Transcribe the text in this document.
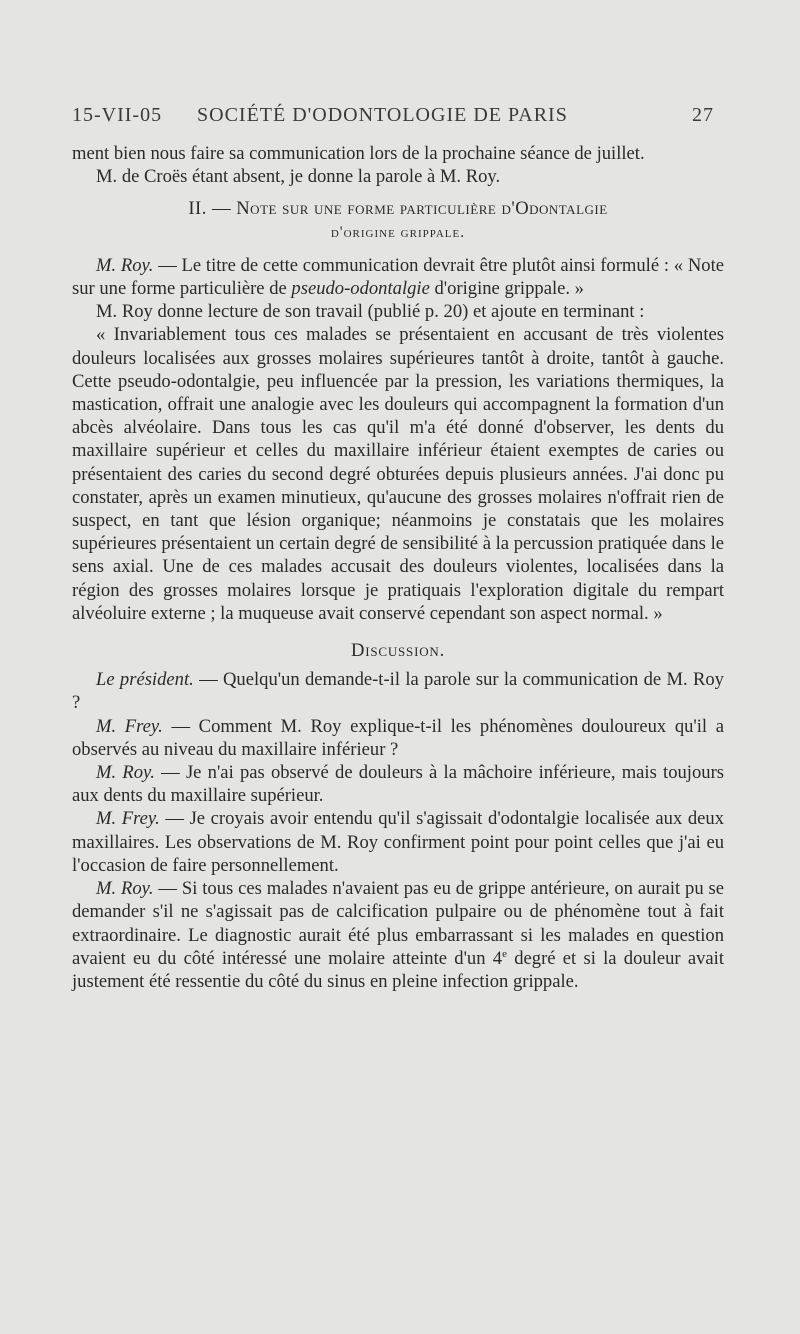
15-VII-05 SOCIÉTÉ D'ODONTOLOGIE DE PARIS	27

ment bien nous faire sa communication lors de la prochaine séance de juillet.

M. de Croës étant absent, je donne la parole à M. Roy.

II. — Note sur une forme particulière d'Odontalgie
d'origine grippale.

M. Roy. — Le titre de cette communication devrait être plutôt ainsi formulé : « Note sur une forme particulière de pseudo-odontalgie d'origine grippale. »

M. Roy donne lecture de son travail (publié p. 20) et ajoute en terminant :

« Invariablement tous ces malades se présentaient en accusant de très violentes douleurs localisées aux grosses molaires supérieures tantôt à droite, tantôt à gauche. Cette pseudo-odontalgie, peu influencée par la pression, les variations thermiques, la mastication, offrait une analogie avec les douleurs qui accompagnent la formation d'un abcès alvéolaire. Dans tous les cas qu'il m'a été donné d'observer, les dents du maxillaire supérieur et celles du maxillaire inférieur étaient exemptes de caries ou présentaient des caries du second degré obturées depuis plusieurs années. J'ai donc pu constater, après un examen minutieux, qu'aucune des grosses molaires n'offrait rien de suspect, en tant que lésion organique; néanmoins je constatais que les molaires supérieures présentaient un certain degré de sensibilité à la percussion pratiquée dans le sens axial. Une de ces malades accusait des douleurs violentes, localisées dans la région des grosses molaires lorsque je pratiquais l'exploration digitale du rempart alvéoluire externe ; la muqueuse avait conservé cependant son aspect normal. »

Discussion.

Le président. — Quelqu'un demande-t-il la parole sur la communication de M. Roy ?

M. Frey. — Comment M. Roy explique-t-il les phénomènes douloureux qu'il a observés au niveau du maxillaire inférieur ?

M. Roy. — Je n'ai pas observé de douleurs à la mâchoire inférieure, mais toujours aux dents du maxillaire supérieur.

M. Frey. — Je croyais avoir entendu qu'il s'agissait d'odontalgie localisée aux deux maxillaires. Les observations de M. Roy confirment point pour point celles que j'ai eu l'occasion de faire personnellement.

M. Roy. — Si tous ces malades n'avaient pas eu de grippe antérieure, on aurait pu se demander s'il ne s'agissait pas de calcification pulpaire ou de phénomène tout à fait extraordinaire. Le diagnostic aurait été plus embarrassant si les malades en question avaient eu du côté intéressé une molaire atteinte d'un 4e degré et si la douleur avait justement été ressentie du côté du sinus en pleine infection grippale.
